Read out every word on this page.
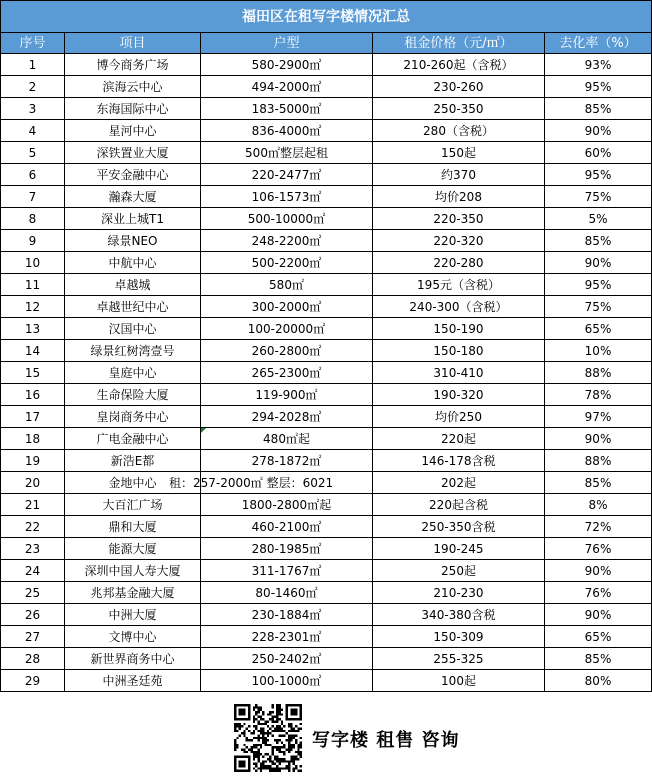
福田区在租写字楼情况汇总				
序号	项目	户型	租金价格（元/㎡）	去化率（%）
1	博今商务广场	580-2900㎡	210-260起（含税）	93%
2	滨海云中心	494-2000㎡	230-260	95%
3	东海国际中心	183-5000㎡	250-350	85%
4	星河中心	836-4000㎡	280（含税）	90%
5	深铁置业大厦	500㎡整层起租	150起	60%
6	平安金融中心	220-2477㎡	约370	95%
7	瀚森大厦	106-1573㎡	均价208	75%
8	深业上城T1	500-10000㎡	220-350	5%
9	绿景NEO	248-2200㎡	220-320	85%
10	中航中心	500-2200㎡	220-280	90%
11	卓越城	580㎡	195元（含税）	95%
12	卓越世纪中心	300-2000㎡	240-300（含税）	75%
13	汉国中心	100-20000㎡	150-190	65%
14	绿景红树湾壹号	260-2800㎡	150-180	10%
15	皇庭中心	265-2300㎡	310-410	88%
16	生命保险大厦	119-900㎡	190-320	78%
17	皇岗商务中心	294-2028㎡	均价250	97%
18	广电金融中心	480㎡起	220起	90%
19	新浩E都	278-1872㎡	146-178含税	88%
20	金地中心	租：257-2000㎡ 整层：6021	202起	85%
21	大百汇广场	1800-2800㎡起	220起含税	8%
22	鼎和大厦	460-2100㎡	250-350含税	72%
23	能源大厦	280-1985㎡	190-245	76%
24	深圳中国人寿大厦	311-1767㎡	250起	90%
25	兆邦基金融大厦	80-1460㎡	210-230	76%
26	中洲大厦	230-1884㎡	340-380含税	90%
27	文博中心	228-2301㎡	150-309	65%
28	新世界商务中心	250-2402㎡	255-325	85%
29	中洲圣廷苑	100-1000㎡	100起	80%
写字楼 租售 咨询
